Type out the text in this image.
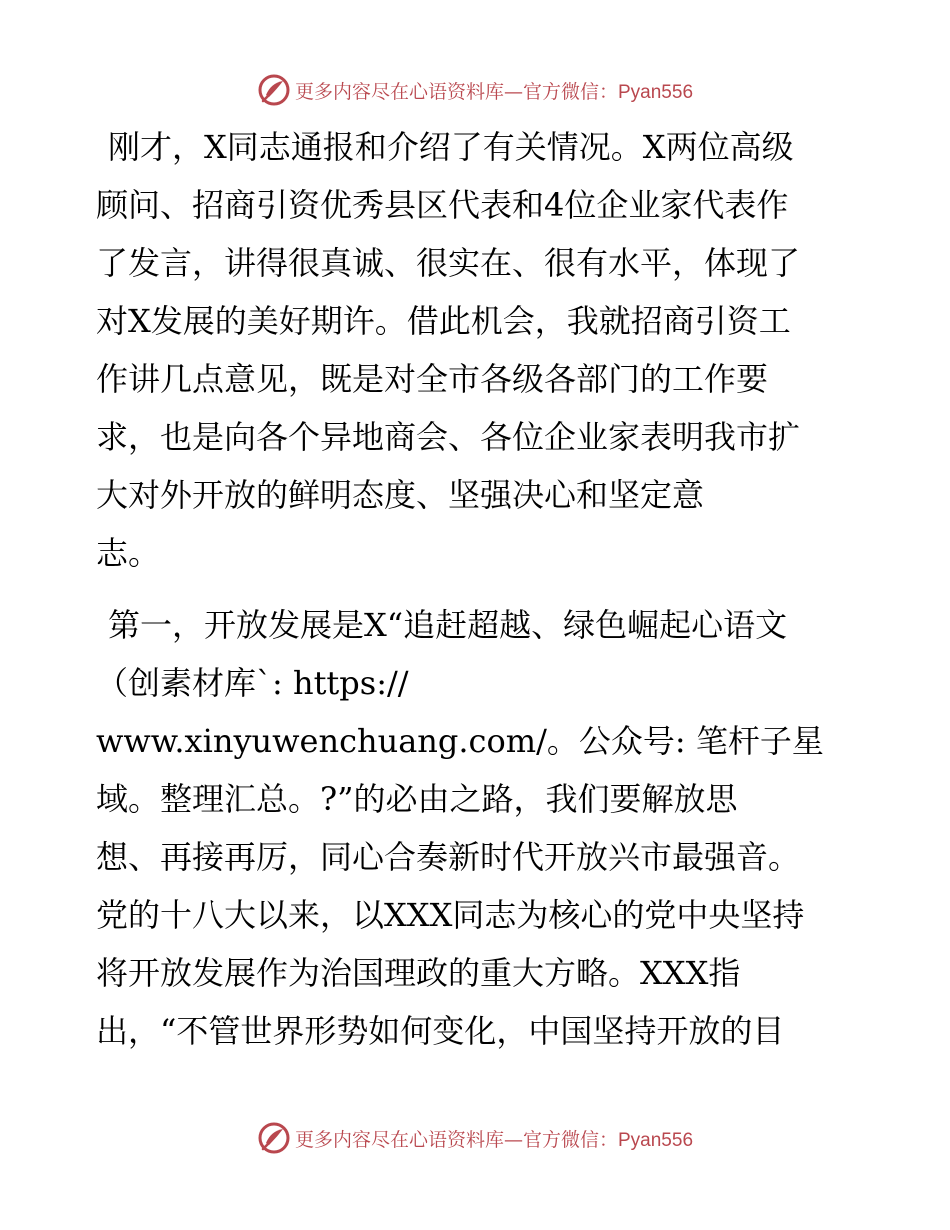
更多内容尽在心语资料库—官方微信：Pyan556
刚才，X同志通报和介绍了有关情况。X两位高级
顾问、招商引资优秀县区代表和4位企业家代表作
了发言，讲得很真诚、很实在、很有水平，体现了
对X发展的美好期许。借此机会，我就招商引资工
作讲几点意见，既是对全市各级各部门的工作要
求，也是向各个异地商会、各位企业家表明我市扩
大对外开放的鲜明态度、坚强决心和坚定意
志。
第一，开放发展是X“追赶超越、绿色崛起心语文
（创素材库`: https://
www.xinyuwenchuang.com/。公众号: 笔杆子星
域。整理汇总。?”的必由之路，我们要解放思
想、再接再厉，同心合奏新时代开放兴市最强音。
党的十八大以来，以XXX同志为核心的党中央坚持
将开放发展作为治国理政的重大方略。XXX指
出，“不管世界形势如何变化，中国坚持开放的目
更多内容尽在心语资料库—官方微信：Pyan556
